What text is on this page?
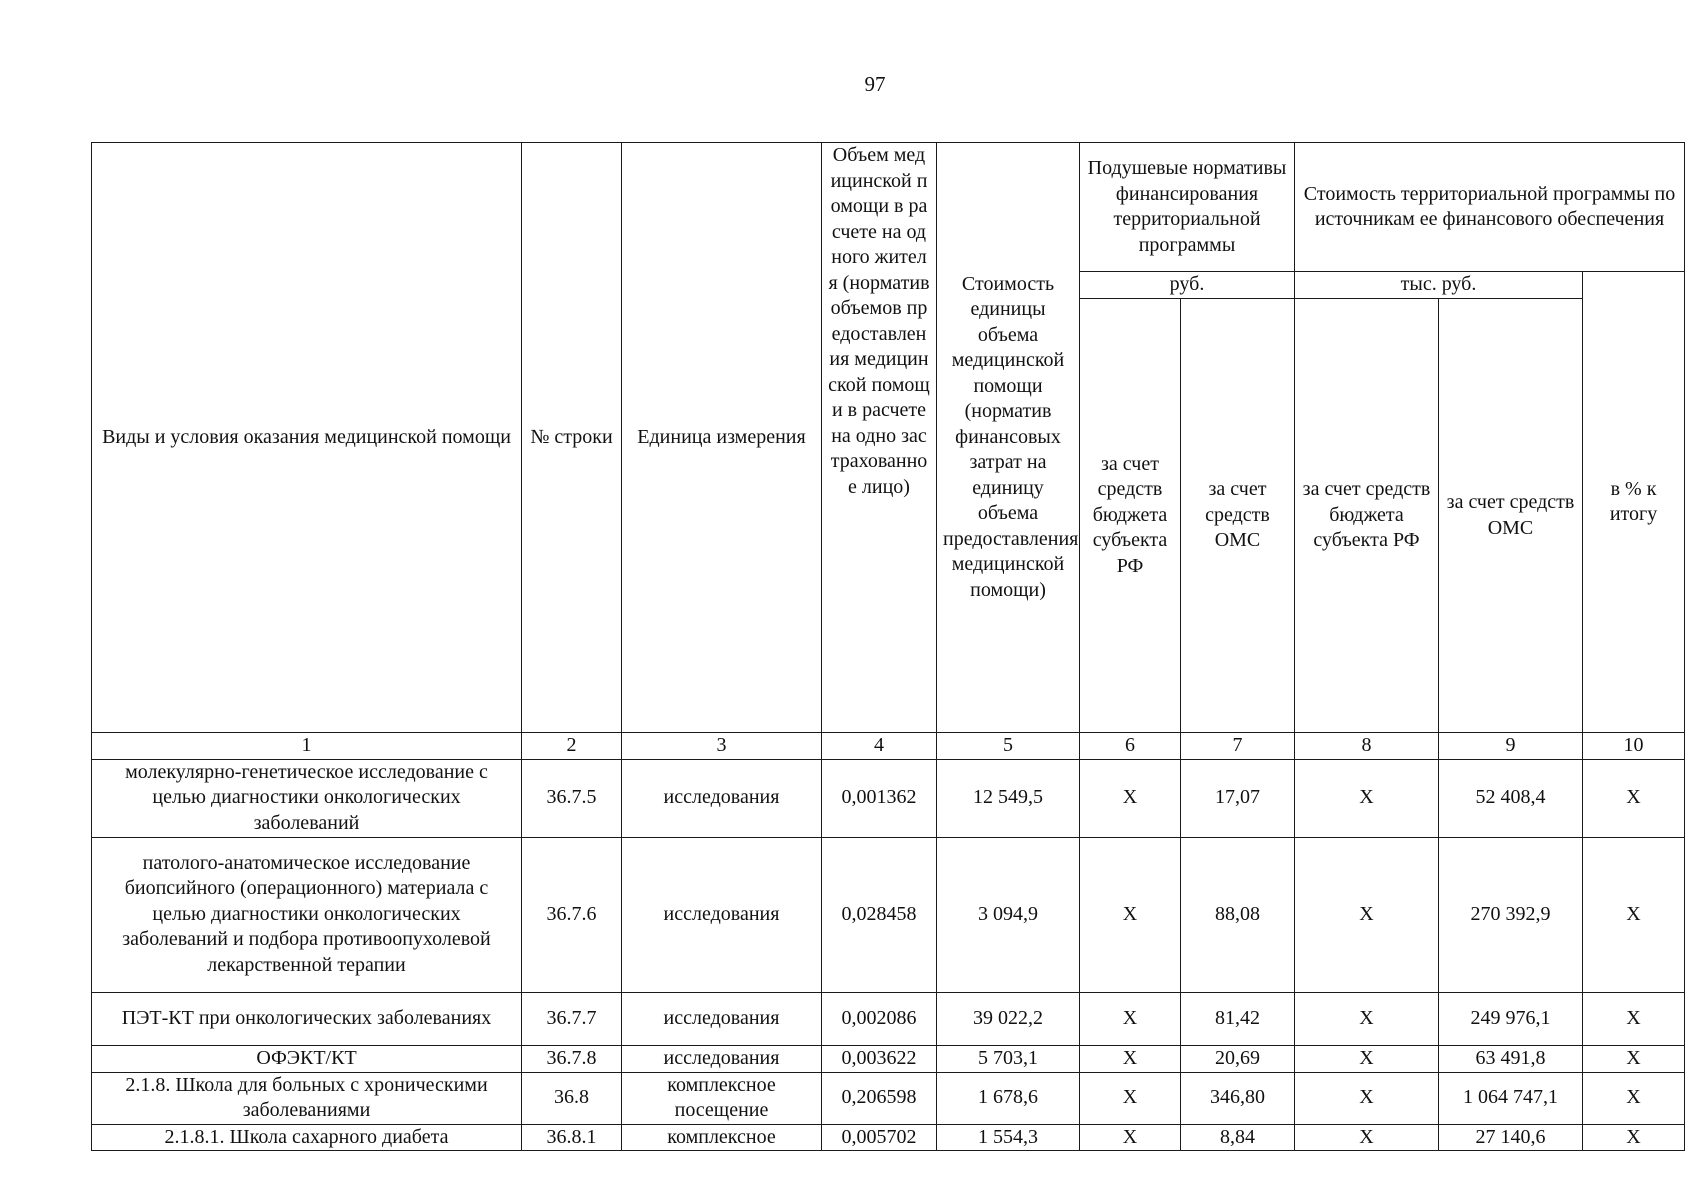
97
Виды и условия оказания медицинской помощи	№ строки	Единица измерения	Объем медицинской помощи в расчете на одного жителя (норматив объемов предоставления медицинской помощи в расчете на одно застрахованное лицо)	Стоимость единицы объема медицинской помощи (норматив финансовых затрат на единицу объема предоставления медицинской помощи)	Подушевые нормативы финансирования территориальной программы		Стоимость территориальной программы по источникам ее финансового обеспечения		
					руб.		тыс. руб.		в % к итогу
					за счет средств бюджета субъекта РФ	за счет средств ОМС	за счет средств бюджета субъекта РФ	за счет средств ОМС	

1	2	3	4	5	6	7	8	9	10
молекулярно-генетическое исследование с целью диагностики онкологических заболеваний	36.7.5	исследования	0,001362	12 549,5	Х	17,07	Х	52 408,4	Х
патолого-анатомическое исследование биопсийного (операционного) материала с целью диагностики онкологических заболеваний и подбора противоопухолевой лекарственной терапии	36.7.6	исследования	0,028458	3 094,9	Х	88,08	Х	270 392,9	Х
ПЭТ-КТ при онкологических заболеваниях	36.7.7	исследования	0,002086	39 022,2	Х	81,42	Х	249 976,1	Х
ОФЭКТ/КТ	36.7.8	исследования	0,003622	5 703,1	Х	20,69	Х	63 491,8	Х
2.1.8. Школа для больных с хроническими заболеваниями	36.8	комплексное посещение	0,206598	1 678,6	Х	346,80	Х	1 064 747,1	Х
2.1.8.1. Школа сахарного диабета	36.8.1	комплексное	0,005702	1 554,3	Х	8,84	Х	27 140,6	Х
